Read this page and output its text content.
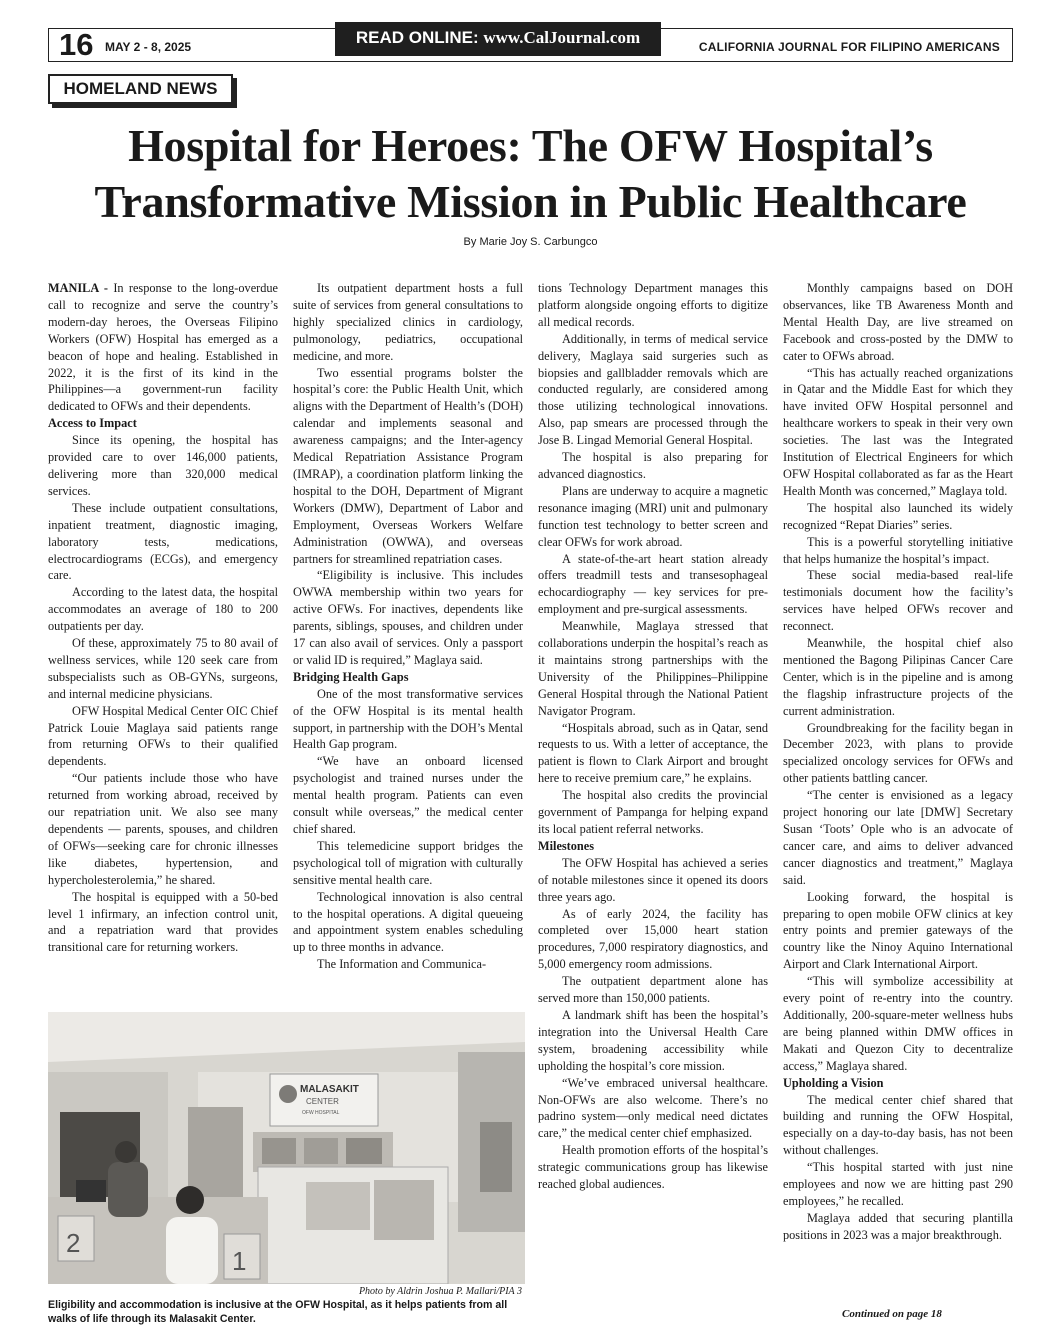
16 MAY 2 - 8, 2025	READ ONLINE: www.CalJournal.com	CALIFORNIA JOURNAL FOR FILIPINO AMERICANS
HOMELAND NEWS
Hospital for Heroes: The OFW Hospital’s
Transformative Mission in Public Healthcare
By Marie Joy S. Carbungco

MANILA - In response to the long-overdue call to recognize and serve the country’s modern-day heroes, the Overseas Filipino Workers (OFW) Hospital has emerged as a beacon of hope and healing. Established in 2022, it is the first of its kind in the Philippines—a government-run facility dedicated to OFWs and their dependents.

Access to Impact

Since its opening, the hospital has provided care to over 146,000 patients, delivering more than 320,000 medical services.

These include outpatient consultations, inpatient treatment, diagnostic imaging, laboratory tests, medications, electrocardiograms (ECGs), and emergency care.

According to the latest data, the hospital accommodates an average of 180 to 200 outpatients per day.

Of these, approximately 75 to 80 avail of wellness services, while 120 seek care from subspecialists such as OB-GYNs, surgeons, and internal medicine physicians.

OFW Hospital Medical Center OIC Chief Patrick Louie Maglaya said patients range from returning OFWs to their qualified dependents.

“Our patients include those who have returned from working abroad, received by our repatriation unit. We also see many dependents — parents, spouses, and children of OFWs—seeking care for chronic illnesses like diabetes, hypertension, and hypercholesterolemia,” he shared.

The hospital is equipped with a 50-bed level 1 infirmary, an infection control unit, and a repatriation ward that provides transitional care for returning workers.

Its outpatient department hosts a full suite of services from general consultations to highly specialized clinics in cardiology, pulmonology, pediatrics, occupational medicine, and more.

Two essential programs bolster the hospital’s core: the Public Health Unit, which aligns with the Department of Health’s (DOH) calendar and implements seasonal and awareness campaigns; and the Inter-agency Medical Repatriation Assistance Program (IMRAP), a coordination platform linking the hospital to the DOH, Department of Migrant Workers (DMW), Department of Labor and Employment, Overseas Workers Welfare Administration (OWWA), and overseas partners for streamlined repatriation cases.

“Eligibility is inclusive. This includes OWWA membership within two years for active OFWs. For inactives, dependents like parents, siblings, spouses, and children under 17 can also avail of services. Only a passport or valid ID is required,” Maglaya said.

Bridging Health Gaps

One of the most transformative services of the OFW Hospital is its mental health support, in partnership with the DOH’s Mental Health Gap program.

“We have an onboard licensed psychologist and trained nurses under the mental health program. Patients can even consult while overseas,” the medical center chief shared.

This telemedicine support bridges the psychological toll of migration with culturally sensitive mental health care.

Technological innovation is also central to the hospital operations. A digital queueing and appointment system enables scheduling up to three months in advance.

The Information and Communica-

tions Technology Department manages this platform alongside ongoing efforts to digitize all medical records.

Additionally, in terms of medical service delivery, Maglaya said surgeries such as biopsies and gallbladder removals which are conducted regularly, are considered among those utilizing technological innovations. Also, pap smears are processed through the Jose B. Lingad Memorial General Hospital.

The hospital is also preparing for advanced diagnostics.

Plans are underway to acquire a magnetic resonance imaging (MRI) unit and pulmonary function test technology to better screen and clear OFWs for work abroad.

A state-of-the-art heart station already offers treadmill tests and transesophageal echocardiography — key services for pre-employment and pre-surgical assessments.

Meanwhile, Maglaya stressed that collaborations underpin the hospital’s reach as it maintains strong partnerships with the University of the Philippines–Philippine General Hospital through the National Patient Navigator Program.

“Hospitals abroad, such as in Qatar, send requests to us. With a letter of acceptance, the patient is flown to Clark Airport and brought here to receive premium care,” he explains.

The hospital also credits the provincial government of Pampanga for helping expand its local patient referral networks.

Milestones

The OFW Hospital has achieved a series of notable milestones since it opened its doors three years ago.

As of early 2024, the facility has completed over 15,000 heart station procedures, 7,000 respiratory diagnostics, and 5,000 emergency room admissions.

The outpatient department alone has served more than 150,000 patients.

A landmark shift has been the hospital’s integration into the Universal Health Care system, broadening accessibility while upholding the hospital’s core mission.

“We’ve embraced universal healthcare. Non-OFWs are also welcome. There’s no padrino system—only medical need dictates care,” the medical center chief emphasized.

Health promotion efforts of the hospital’s strategic communications group has likewise reached global audiences.

Monthly campaigns based on DOH observances, like TB Awareness Month and Mental Health Day, are live streamed on Facebook and cross-posted by the DMW to cater to OFWs abroad.

“This has actually reached organizations in Qatar and the Middle East for which they have invited OFW Hospital personnel and healthcare workers to speak in their very own societies. The last was the Integrated Institution of Electrical Engineers for which OFW Hospital collaborated as far as the Heart Health Month was concerned,” Maglaya told.

The hospital also launched its widely recognized “Repat Diaries” series.

This is a powerful storytelling initiative that helps humanize the hospital’s impact.

These social media-based real-life testimonials document how the facility’s services have helped OFWs recover and reconnect.

Meanwhile, the hospital chief also mentioned the Bagong Pilipinas Cancer Care Center, which is in the pipeline and is among the flagship infrastructure projects of the current administration.

Groundbreaking for the facility began in December 2023, with plans to provide specialized oncology services for OFWs and other patients battling cancer.

“The center is envisioned as a legacy project honoring our late [DMW] Secretary Susan ‘Toots’ Ople who is an advocate of cancer care, and aims to deliver advanced cancer diagnostics and treatment,” Maglaya said.

Looking forward, the hospital is preparing to open mobile OFW clinics at key entry points and premier gateways of the country like the Ninoy Aquino International Airport and Clark International Airport.

“This will symbolize accessibility at every point of re-entry into the country. Additionally, 200-square-meter wellness hubs are being planned within DMW offices in Makati and Quezon City to decentralize access,” Maglaya shared.

Upholding a Vision

The medical center chief shared that building and running the OFW Hospital, especially on a day-to-day basis, has not been without challenges.

“This hospital started with just nine employees and now we are hitting past 290 employees,” he recalled.

Maglaya added that securing plantilla positions in 2023 was a major breakthrough.

MALASAKIT
CENTER
OFW HOSPITAL
2
1
Photo by Aldrin Joshua P. Mallari/PIA 3
Eligibility and accommodation is inclusive at the OFW Hospital, as it helps patients from all walks of life through its Malasakit Center.	Continued on page 18
